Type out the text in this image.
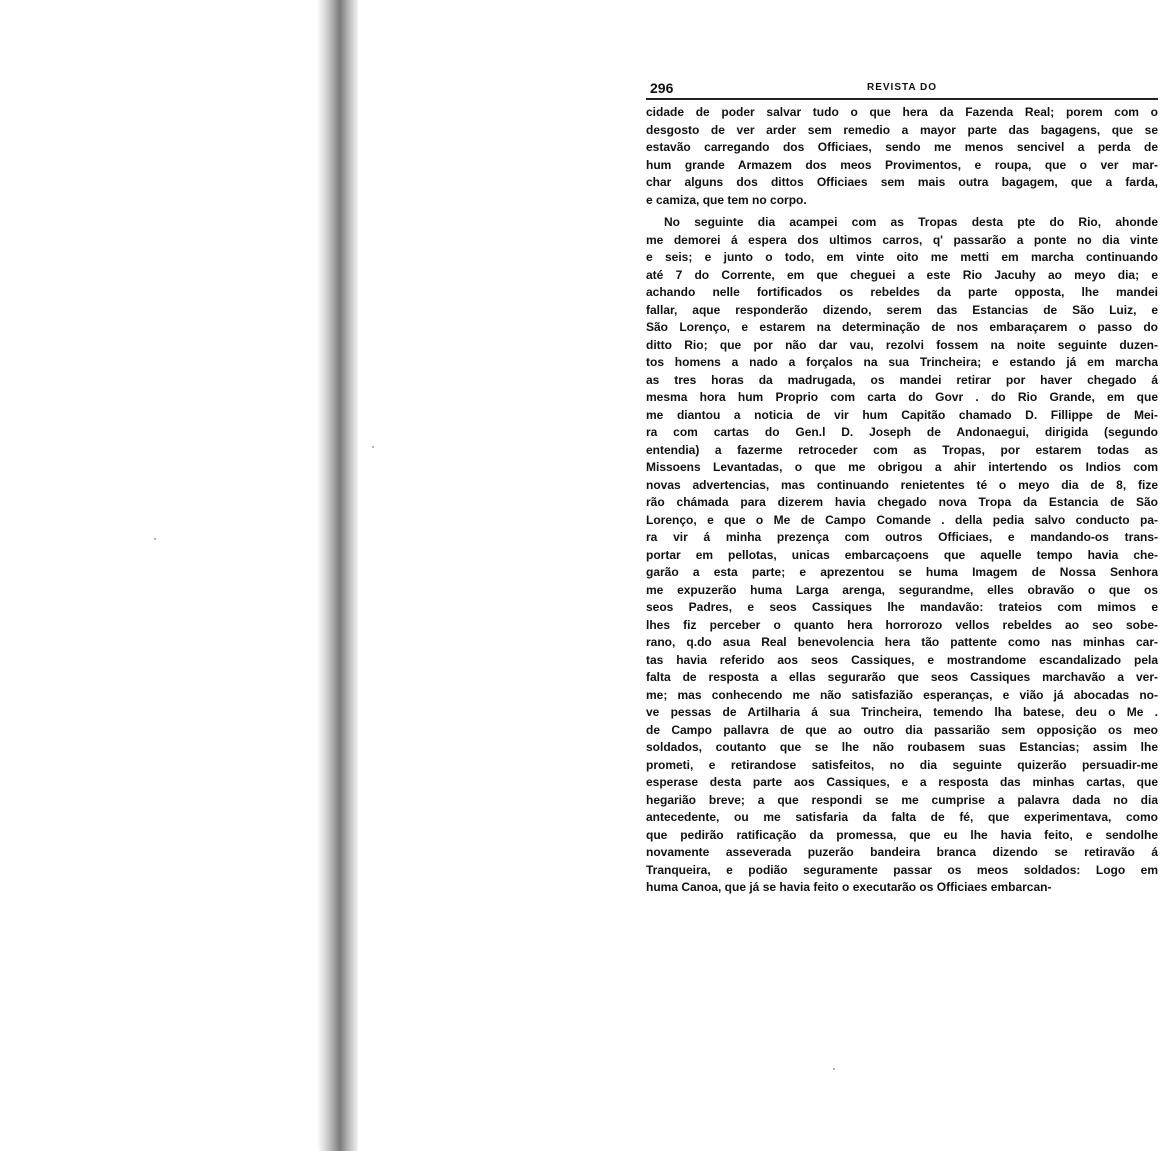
296	REVISTA DO
cidade de poder salvar tudo o que hera da Fazenda Real; porem com o
desgosto de ver arder sem remedio a mayor parte das bagagens, que se
estavão carregando dos Officiaes, sendo me menos sencivel a perda de
hum grande Armazem dos meos Provimentos, e roupa, que o ver mar-
char alguns dos dittos Officiaes sem mais outra bagagem, que a farda,
e camiza, que tem no corpo.
No seguinte dia acampei com as Tropas desta pte do Rio, ahonde
me demorei á espera dos ultimos carros, q' passarão a ponte no dia vinte
e seis; e junto o todo, em vinte oito me metti em marcha continuando
até 7 do Corrente, em que cheguei a este Rio Jacuhy ao meyo dia; e
achando nelle fortificados os rebeldes da parte opposta, lhe mandei
fallar, aque responderão dizendo, serem das Estancias de São Luiz, e
São Lorenço, e estarem na determinação de nos embaraçarem o passo do
ditto Rio; que por não dar vau, rezolvi fossem na noite seguinte duzen-
tos homens a nado a forçalos na sua Trincheira; e estando já em marcha
as tres horas da madrugada, os mandei retirar por haver chegado á
mesma hora hum Proprio com carta do Govr . do Rio Grande, em que
me diantou a noticia de vir hum Capitão chamado D. Fillippe de Mei-
ra com cartas do Gen.l D. Joseph de Andonaegui, dirigida (segundo
entendia) a fazerme retroceder com as Tropas, por estarem todas as
Missoens Levantadas, o que me obrigou a ahir intertendo os Indios com
novas advertencias, mas continuando renietentes té o meyo dia de 8, fize
rão chámada para dizerem havia chegado nova Tropa da Estancia de São
Lorenço, e que o Me de Campo Comande . della pedia salvo conducto pa-
ra vir á minha prezença com outros Officiaes, e mandando-os trans-
portar em pellotas, unicas embarcaçoens que aquelle tempo havia che-
garão a esta parte; e aprezentou se huma Imagem de Nossa Senhora
me expuzerão huma Larga arenga, segurandme, elles obravão o que os
seos Padres, e seos Cassiques lhe mandavão: trateios com mimos e
lhes fiz perceber o quanto hera horrorozo vellos rebeldes ao seo sobe-
rano, q.do asua Real benevolencia hera tão pattente como nas minhas car-
tas havia referido aos seos Cassiques, e mostrandome escandalizado pela
falta de resposta a ellas segurarão que seos Cassiques marchavão a ver-
me; mas conhecendo me não satisfazião esperanças, e vião já abocadas no-
ve pessas de Artilharia á sua Trincheira, temendo lha batese, deu o Me .
de Campo pallavra de que ao outro dia passarião sem opposição os meo
soldados, coutanto que se lhe não roubasem suas Estancias; assim lhe
prometi, e retirandose satisfeitos, no dia seguinte quizerão persuadir-me
esperase desta parte aos Cassiques, e a resposta das minhas cartas, que
hegarião breve; a que respondi se me cumprise a palavra dada no dia
antecedente, ou me satisfaria da falta de fé, que experimentava, como
que pedirão ratificação da promessa, que eu lhe havia feito, e sendolhe
novamente asseverada puzerão bandeira branca dizendo se retiravão á
Tranqueira, e podião seguramente passar os meos soldados: Logo em
huma Canoa, que já se havia feito o executarão os Officiaes embarcan-
